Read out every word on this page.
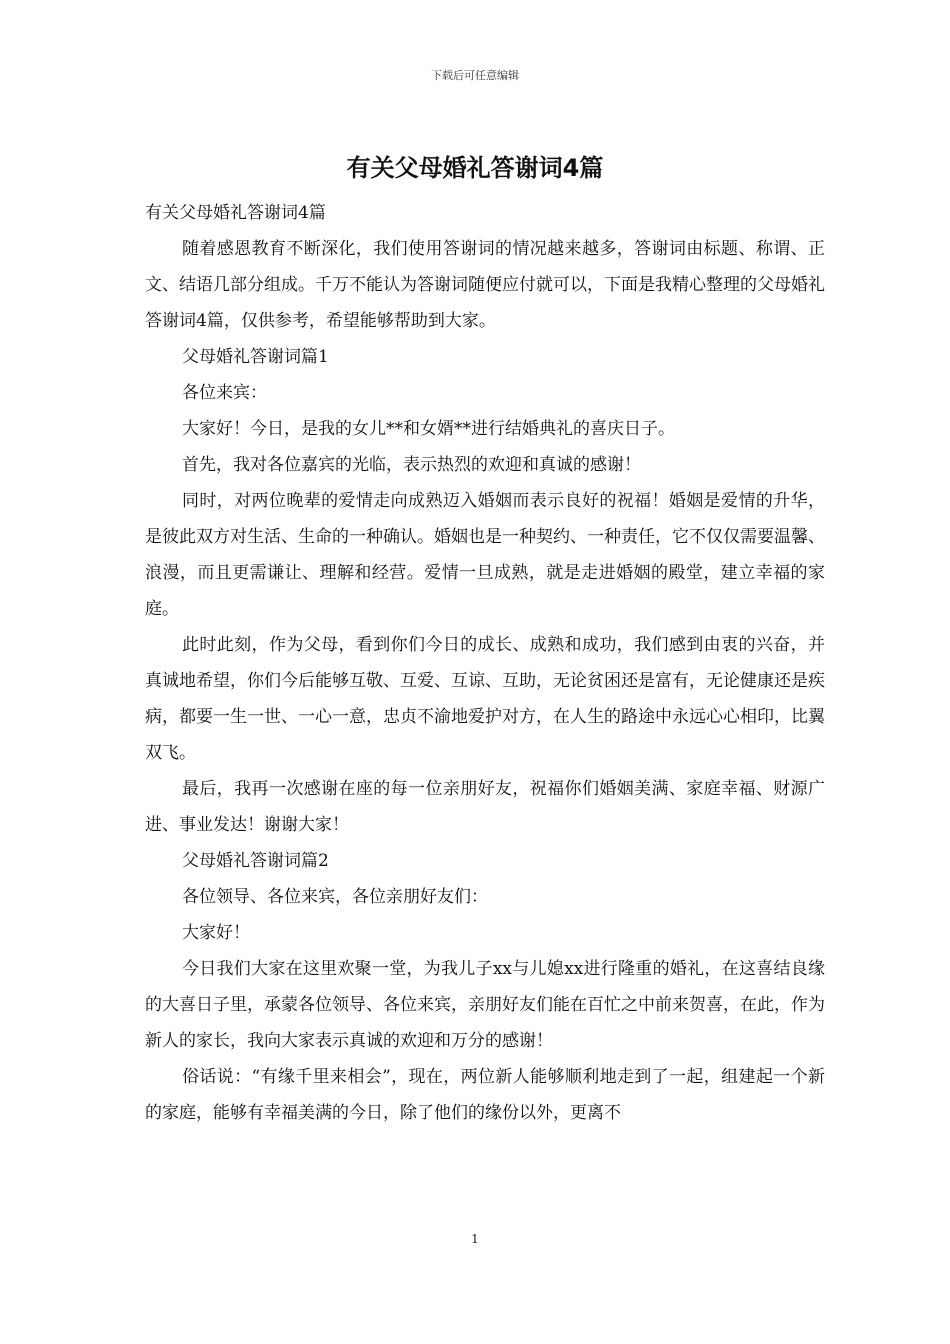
下载后可任意编辑
有关父母婚礼答谢词4篇

有关父母婚礼答谢词4篇

随着感恩教育不断深化，我们使用答谢词的情况越来越多，答谢词由标题、称谓、正文、结语几部分组成。千万不能认为答谢词随便应付就可以，下面是我精心整理的父母婚礼答谢词4篇，仅供参考，希望能够帮助到大家。

父母婚礼答谢词篇1

各位来宾：

大家好！今日，是我的女儿**和女婿**进行结婚典礼的喜庆日子。

首先，我对各位嘉宾的光临，表示热烈的欢迎和真诚的感谢！

同时，对两位晚辈的爱情走向成熟迈入婚姻而表示良好的祝福！婚姻是爱情的升华，是彼此双方对生活、生命的一种确认。婚姻也是一种契约、一种责任，它不仅仅需要温馨、浪漫，而且更需谦让、理解和经营。爱情一旦成熟，就是走进婚姻的殿堂，建立幸福的家庭。

此时此刻，作为父母，看到你们今日的成长、成熟和成功，我们感到由衷的兴奋，并真诚地希望，你们今后能够互敬、互爱、互谅、互助，无论贫困还是富有，无论健康还是疾病，都要一生一世、一心一意，忠贞不渝地爱护对方，在人生的路途中永远心心相印，比翼双飞。

最后，我再一次感谢在座的每一位亲朋好友，祝福你们婚姻美满、家庭幸福、财源广进、事业发达！谢谢大家！

父母婚礼答谢词篇2

各位领导、各位来宾，各位亲朋好友们：

大家好！

今日我们大家在这里欢聚一堂，为我儿子xx与儿媳xx进行隆重的婚礼，在这喜结良缘的大喜日子里，承蒙各位领导、各位来宾，亲朋好友们能在百忙之中前来贺喜，在此，作为新人的家长，我向大家表示真诚的欢迎和万分的感谢！

俗话说：“有缘千里来相会”，现在，两位新人能够顺利地走到了一起，组建起一个新的家庭，能够有幸福美满的今日，除了他们的缘份以外，更离不

1
